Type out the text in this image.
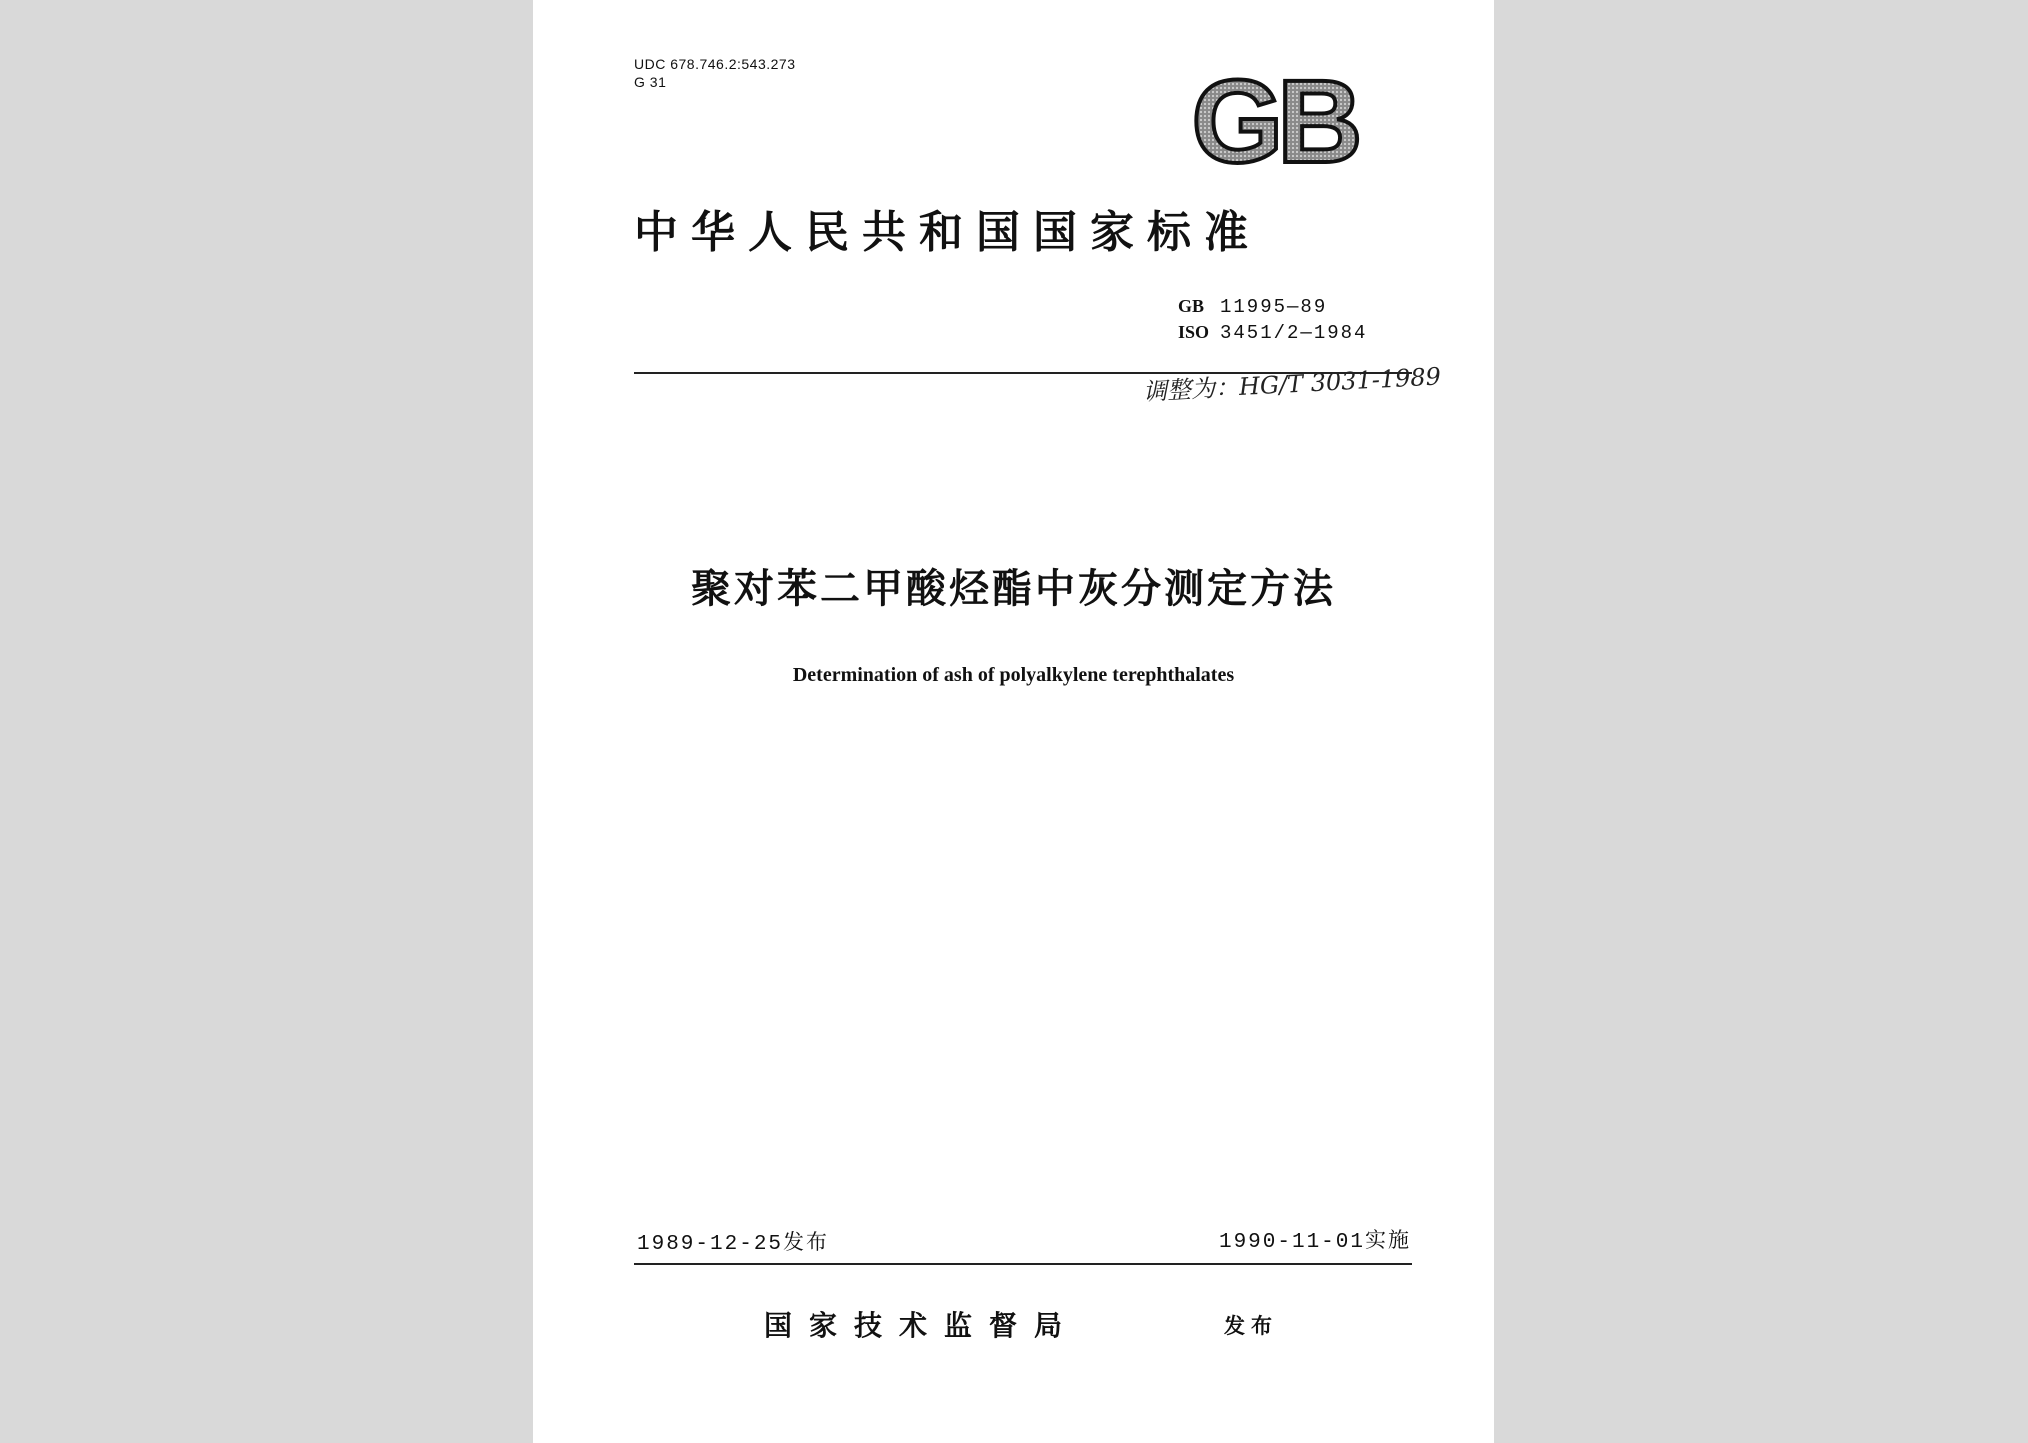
UDC 678.746.2:543.273
G 31	GB
中华人民共和国国家标准
GB 11995—89
ISO 3451/2—1984
调整为：HG/T 3031-1989
聚对苯二甲酸烃酯中灰分测定方法
Determination of ash of polyalkylene terephthalates
1989-12-25发布	1990-11-01实施
国家技术监督局	发布
